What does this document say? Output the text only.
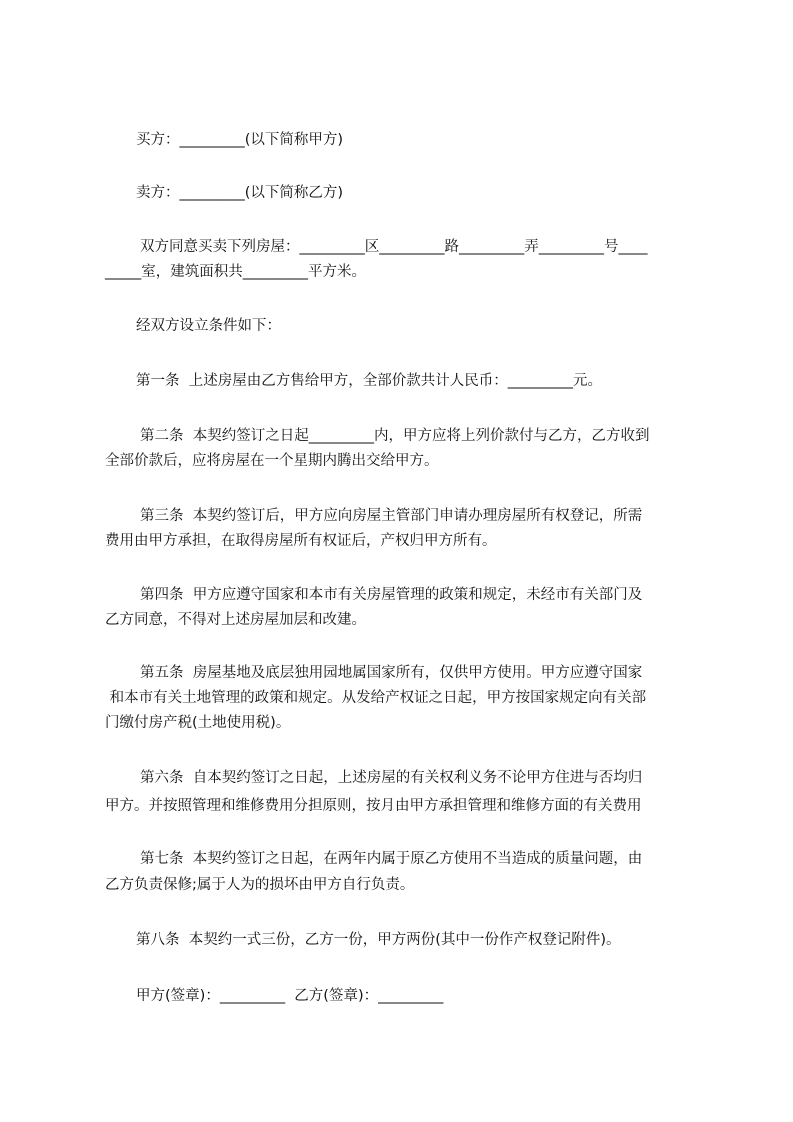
买方：_________(以下简称甲方)
卖方：_________(以下简称乙方)
双方同意买卖下列房屋：_________区_________路_________弄_________号____
_____室，建筑面积共_________平方米。
经双方设立条件如下：
第一条  上述房屋由乙方售给甲方，全部价款共计人民币：_________元。
第二条  本契约签订之日起_________内，甲方应将上列价款付与乙方，乙方收到
全部价款后，应将房屋在一个星期内腾出交给甲方。
第三条  本契约签订后，甲方应向房屋主管部门申请办理房屋所有权登记，所需
费用由甲方承担，在取得房屋所有权证后，产权归甲方所有。
第四条  甲方应遵守国家和本市有关房屋管理的政策和规定，未经市有关部门及
乙方同意，不得对上述房屋加层和改建。
第五条  房屋基地及底层独用园地属国家所有，仅供甲方使用。甲方应遵守国家
和本市有关土地管理的政策和规定。从发给产权证之日起，甲方按国家规定向有关部
门缴付房产税(土地使用税)。
第六条  自本契约签订之日起，上述房屋的有关权利义务不论甲方住进与否均归
甲方。并按照管理和维修费用分担原则，按月由甲方承担管理和维修方面的有关费用
第七条  本契约签订之日起，在两年内属于原乙方使用不当造成的质量问题，由
乙方负责保修;属于人为的损坏由甲方自行负责。
第八条  本契约一式三份，乙方一份，甲方两份(其中一份作产权登记附件)。
甲方(签章)：_________  乙方(签章)：_________
